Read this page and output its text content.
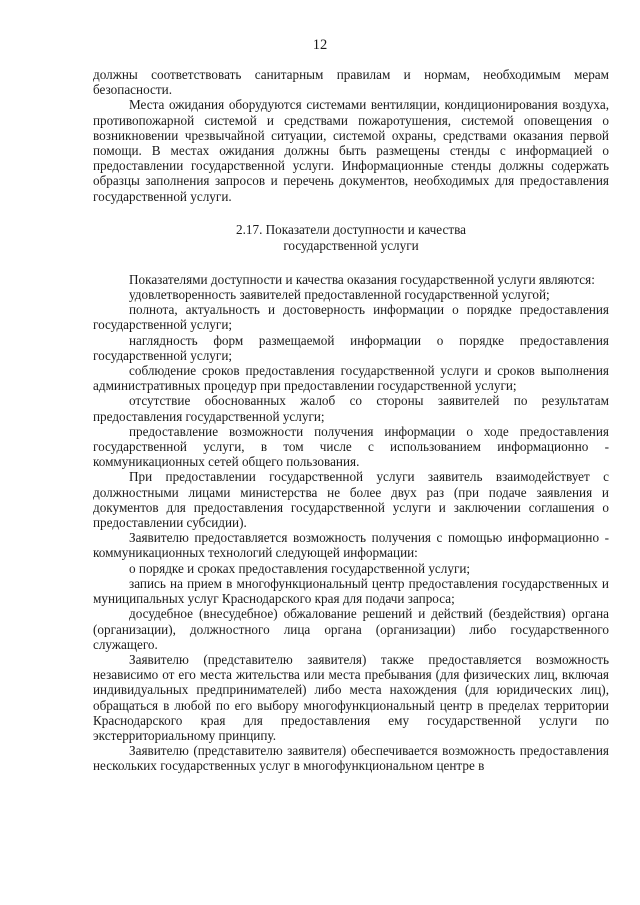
12

должны соответствовать санитарным правилам и нормам, необходимым мерам безопасности.

Места ожидания оборудуются системами вентиляции, кондиционирования воздуха, противопожарной системой и средствами пожаротушения, системой оповещения о возникновении чрезвычайной ситуации, системой охраны, средствами оказания первой помощи. В местах ожидания должны быть размещены стенды с информацией о предоставлении государственной услуги. Информационные стенды должны содержать образцы заполнения запросов и перечень документов, необходимых для предоставления государственной услуги.

2.17. Показатели доступности и качества
государственной услуги

Показателями доступности и качества оказания государственной услуги являются:

удовлетворенность заявителей предоставленной государственной услугой;

полнота, актуальность и достоверность информации о порядке предоставления государственной услуги;

наглядность форм размещаемой информации о порядке предоставления государственной услуги;

соблюдение сроков предоставления государственной услуги и сроков выполнения административных процедур при предоставлении государственной услуги;

отсутствие обоснованных жалоб со стороны заявителей по результатам предоставления государственной услуги;

предоставление возможности получения информации о ходе предоставления государственной услуги, в том числе с использованием информационно - коммуникационных сетей общего пользования.

При предоставлении государственной услуги заявитель взаимодействует с должностными лицами министерства не более двух раз (при подаче заявления и документов для предоставления государственной услуги и заключении соглашения о предоставлении субсидии).

Заявителю предоставляется возможность получения с помощью информационно - коммуникационных технологий следующей информации:

о порядке и сроках предоставления государственной услуги;

запись на прием в многофункциональный центр предоставления государственных и муниципальных услуг Краснодарского края для подачи запроса;

досудебное (внесудебное) обжалование решений и действий (бездействия) органа (организации), должностного лица органа (организации) либо государственного служащего.

Заявителю (представителю заявителя) также предоставляется возможность независимо от его места жительства или места пребывания (для физических лиц, включая индивидуальных предпринимателей) либо места нахождения (для юридических лиц), обращаться в любой по его выбору многофункциональный центр в пределах территории Краснодарского края для предоставления ему государственной услуги по экстерриториальному принципу.

Заявителю (представителю заявителя) обеспечивается возможность предоставления нескольких государственных услуг в многофункциональном центре в
